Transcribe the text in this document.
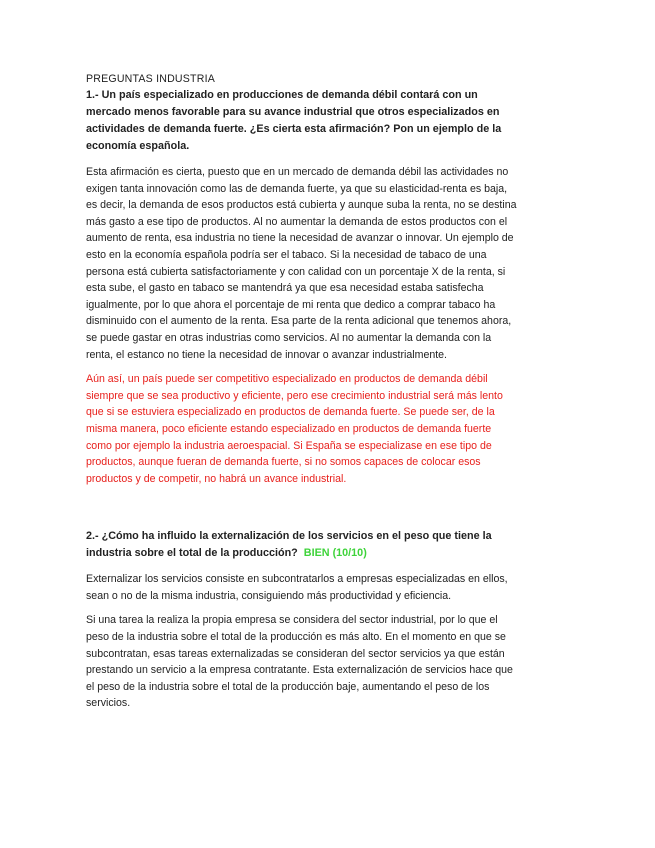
PREGUNTAS INDUSTRIA
1.- Un país especializado en producciones de demanda débil contará con un mercado menos favorable para su avance industrial que otros especializados en actividades de demanda fuerte. ¿Es cierta esta afirmación? Pon un ejemplo de la economía española.

Esta afirmación es cierta, puesto que en un mercado de demanda débil las actividades no exigen tanta innovación como las de demanda fuerte, ya que su elasticidad-renta es baja, es decir, la demanda de esos productos está cubierta y aunque suba la renta, no se destina más gasto a ese tipo de productos. Al no aumentar la demanda de estos productos con el aumento de renta, esa industria no tiene la necesidad de avanzar o innovar. Un ejemplo de esto en la economía española podría ser el tabaco. Si la necesidad de tabaco de una persona está cubierta satisfactoriamente y con calidad con un porcentaje X de la renta, si esta sube, el gasto en tabaco se mantendrá ya que esa necesidad estaba satisfecha igualmente, por lo que ahora el porcentaje de mi renta que dedico a comprar tabaco ha disminuido con el aumento de la renta. Esa parte de la renta adicional que tenemos ahora, se puede gastar en otras industrias como servicios. Al no aumentar la demanda con la renta, el estanco no tiene la necesidad de innovar o avanzar industrialmente.

Aún así, un país puede ser competitivo especializado en productos de demanda débil siempre que se sea productivo y eficiente, pero ese crecimiento industrial será más lento que si se estuviera especializado en productos de demanda fuerte. Se puede ser, de la misma manera, poco eficiente estando especializado en productos de demanda fuerte como por ejemplo la industria aeroespacial. Si España se especializase en ese tipo de productos, aunque fueran de demanda fuerte, si no somos capaces de colocar esos productos y de competir, no habrá un avance industrial.

2.- ¿Cómo ha influido la externalización de los servicios en el peso que tiene la industria sobre el total de la producción? BIEN (10/10)

Externalizar los servicios consiste en subcontratarlos a empresas especializadas en ellos, sean o no de la misma industria, consiguiendo más productividad y eficiencia.

Si una tarea la realiza la propia empresa se considera del sector industrial, por lo que el peso de la industria sobre el total de la producción es más alto. En el momento en que se subcontratan, esas tareas externalizadas se consideran del sector servicios ya que están prestando un servicio a la empresa contratante. Esta externalización de servicios hace que el peso de la industria sobre el total de la producción baje, aumentando el peso de los servicios.
